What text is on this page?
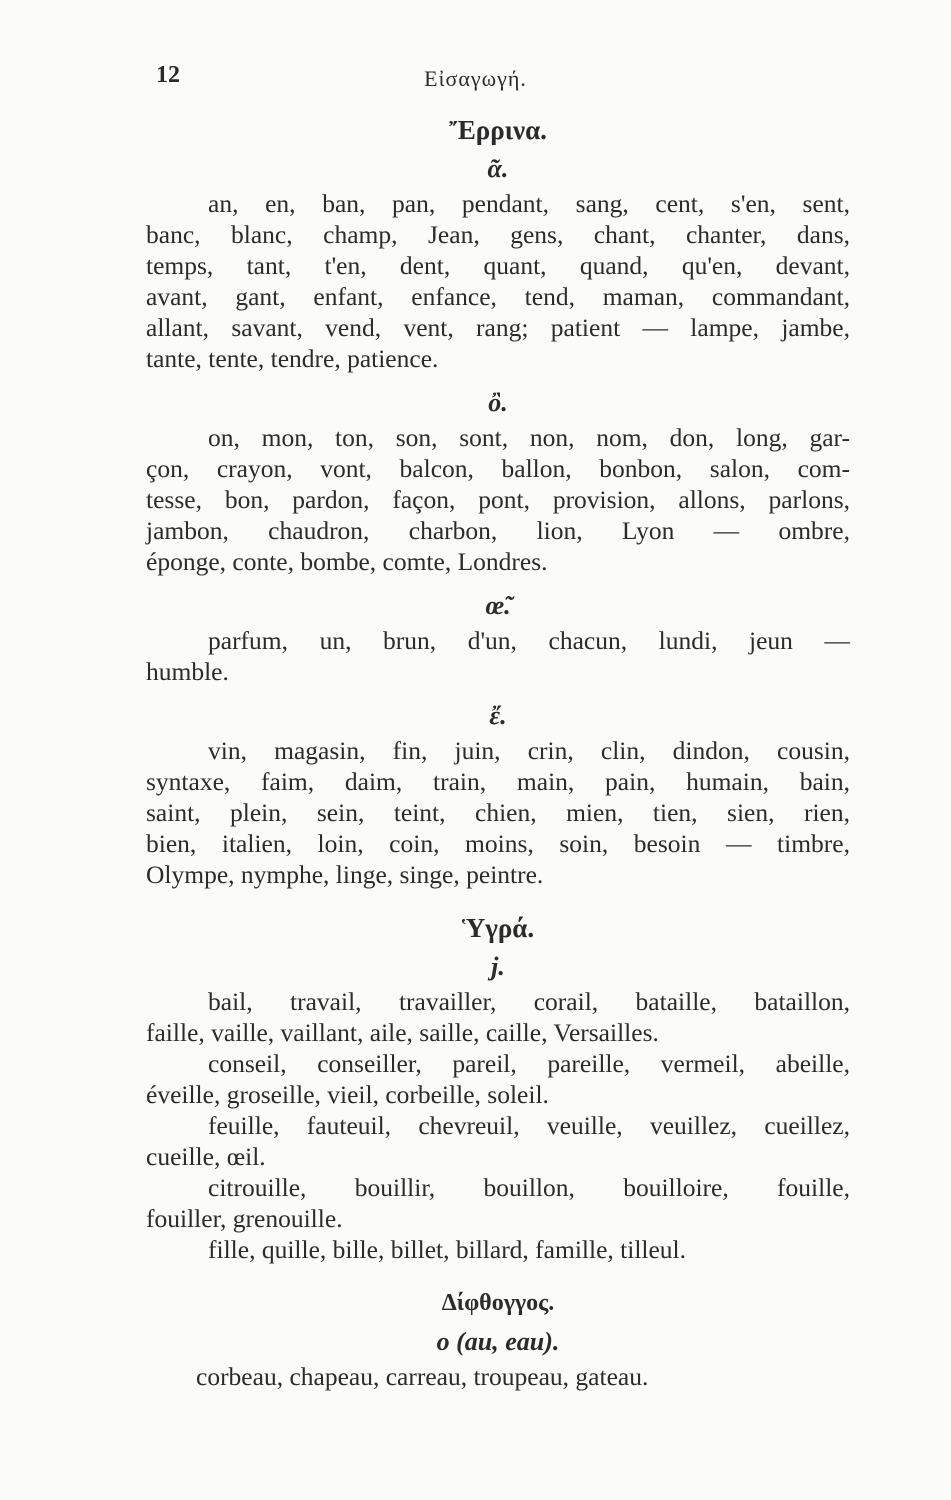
12	Εἰσαγωγή.
Ἔρρινα.
ᾶ.

an, en, ban, pan, pendant, sang, cent, s'en, sent,
banc, blanc, champ, Jean, gens, chant, chanter, dans,
temps, tant, t'en, dent, quant, quand, qu'en, devant,
avant, gant, enfant, enfance, tend, maman, commandant,
allant, savant, vend, vent, rang; patient — lampe, jambe,
tante, tente, tendre, patience.

ὂ.

on, mon, ton, son, sont, non, nom, don, long, gar-
çon, crayon, vont, balcon, ballon, bonbon, salon, com-
tesse, bon, pardon, façon, pont, provision, allons, parlons,
jambon, chaudron, charbon, lion, Lyon — ombre,
éponge, conte, bombe, comte, Londres.

œ̃.

parfum, un, brun, d'un, chacun, lundi, jeun —
humble.

ἔ.

vin, magasin, fin, juin, crin, clin, dindon, cousin,
syntaxe, faim, daim, train, main, pain, humain, bain,
saint, plein, sein, teint, chien, mien, tien, sien, rien,
bien, italien, loin, coin, moins, soin, besoin — timbre,
Olympe, nymphe, linge, singe, peintre.

Ὑγρά.
j.

bail, travail, travailler, corail, bataille, bataillon,
faille, vaille, vaillant, aile, saille, caille, Versailles.

conseil, conseiller, pareil, pareille, vermeil, abeille,
éveille, groseille, vieil, corbeille, soleil.

feuille, fauteuil, chevreuil, veuille, veuillez, cueillez,
cueille, œil.

citrouille, bouillir, bouillon, bouilloire, fouille,
fouiller, grenouille.

fille, quille, bille, billet, billard, famille, tilleul.

Δίφθογγος.
o (au, eau).

corbeau, chapeau, carreau, troupeau, gateau.
